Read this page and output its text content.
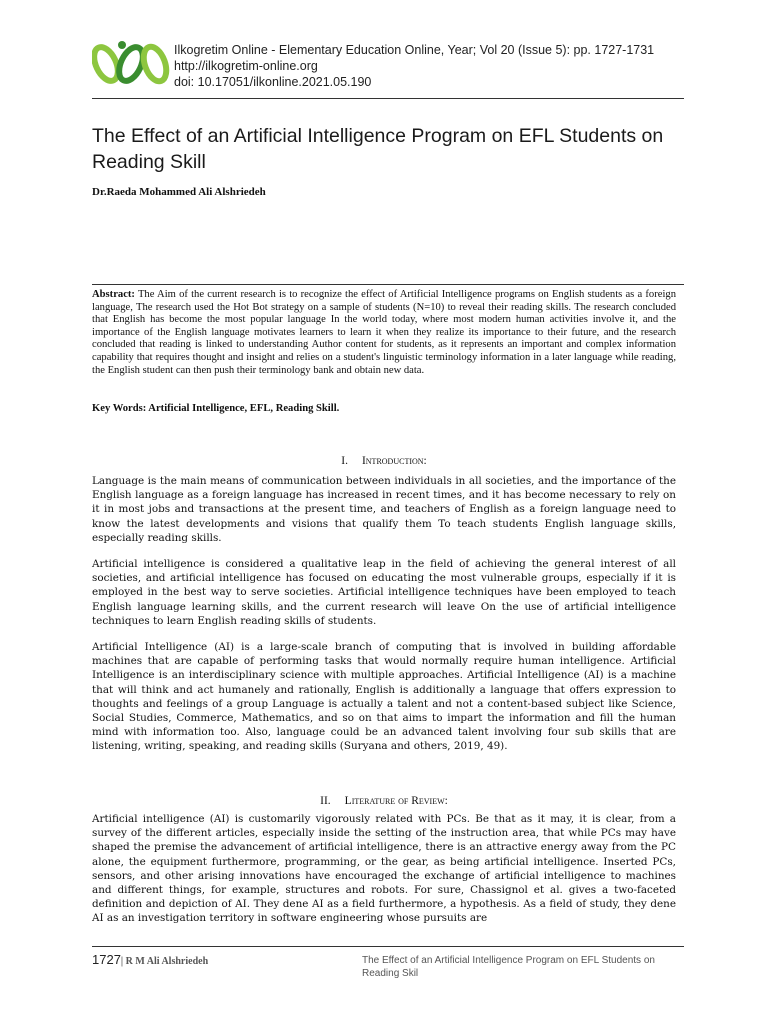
Ilkogretim Online - Elementary Education Online, Year; Vol 20 (Issue 5): pp. 1727-1731
http://ilkogretim-online.org
doi: 10.17051/ilkonline.2021.05.190
The Effect of an Artificial Intelligence Program on EFL Students on Reading Skill
Dr.Raeda Mohammed Ali Alshriedeh

Abstract: The Aim of the current research is to recognize the effect of Artificial Intelligence programs on English students as a foreign language, The research used the Hot Bot strategy on a sample of students (N=10) to reveal their reading skills. The research concluded that English has become the most popular language In the world today, where most modern human activities involve it, and the importance of the English language motivates learners to learn it when they realize its importance to their future, and the research concluded that reading is linked to understanding Author content for students, as it represents an important and complex information capability that requires thought and insight and relies on a student's linguistic terminology information in a later language while reading, the English student can then push their terminology bank and obtain new data.

Key Words: Artificial Intelligence, EFL, Reading Skill.

I. Introduction:

Language is the main means of communication between individuals in all societies, and the importance of the English language as a foreign language has increased in recent times, and it has become necessary to rely on it in most jobs and transactions at the present time, and teachers of English as a foreign language need to know the latest developments and visions that qualify them To teach students English language skills, especially reading skills.

Artificial intelligence is considered a qualitative leap in the field of achieving the general interest of all societies, and artificial intelligence has focused on educating the most vulnerable groups, especially if it is employed in the best way to serve societies. Artificial intelligence techniques have been employed to teach English language learning skills, and the current research will leave On the use of artificial intelligence techniques to learn English reading skills of students.

Artificial Intelligence (AI) is a large-scale branch of computing that is involved in building affordable machines that are capable of performing tasks that would normally require human intelligence. Artificial Intelligence is an interdisciplinary science with multiple approaches. Artificial Intelligence (AI) is a machine that will think and act humanely and rationally, English is additionally a language that offers expression to thoughts and feelings of a group Language is actually a talent and not a content-based subject like Science, Social Studies, Commerce, Mathematics, and so on that aims to impart the information and fill the human mind with information too. Also, language could be an advanced talent involving four sub skills that are listening, writing, speaking, and reading skills (Suryana and others, 2019, 49).

II. Literature of Review:

Artificial intelligence (AI) is customarily vigorously related with PCs. Be that as it may, it is clear, from a survey of the different articles, especially inside the setting of the instruction area, that while PCs may have shaped the premise the advancement of artificial intelligence, there is an attractive energy away from the PC alone, the equipment furthermore, programming, or the gear, as being artificial intelligence. Inserted PCs, sensors, and other arising innovations have encouraged the exchange of artificial intelligence to machines and different things, for example, structures and robots. For sure, Chassignol et al. gives a two-faceted definition and depiction of AI. They dene AI as a field furthermore, a hypothesis. As a field of study, they dene AI as an investigation territory in software engineering whose pursuits are

1727| R M Ali Alshriedeh	The Effect of an Artificial Intelligence Program on EFL Students on Reading Skil
